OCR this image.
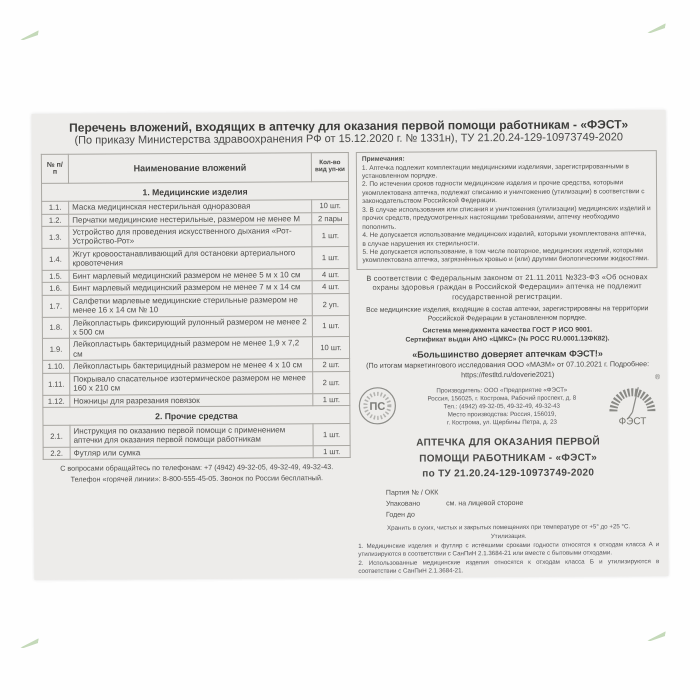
Перечень вложений, входящих в аптечку для оказания первой помощи работникам - «ФЭСТ»
(По приказу Министерства здравоохранения РФ от 15.12.2020 г. № 1331н), ТУ 21.20.24-129-10973749-2020
№ п/п	Наименование вложений	Кол-во вид уп-ки
1. Медицинские изделия		
1.1.	Маска медицинская нестерильная одноразовая	10 шт.
1.2.	Перчатки медицинские нестерильные, размером не менее М	2 пары
1.3.	Устройство для проведения искусственного дыхания «Рот-Устройство-Рот»	1 шт.
1.4.	Жгут кровоостанавливающий для остановки артериального кровотечения	1 шт.
1.5.	Бинт марлевый медицинский размером не менее 5 м х 10 см	4 шт.
1.6.	Бинт марлевый медицинский размером не менее 7 м х 14 см	4 шт.
1.7.	Салфетки марлевые медицинские стерильные размером не менее 16 х 14 см № 10	2 уп.
1.8.	Лейкопластырь фиксирующий рулонный размером не менее 2 х 500 см	1 шт.
1.9.	Лейкопластырь бактерицидный размером не менее 1,9 х 7,2 см	10 шт.
1.10.	Лейкопластырь бактерицидный размером не менее 4 х 10 см	2 шт.
1.11.	Покрывало спасательное изотермическое размером не менее 160 х 210 см	2 шт.
1.12.	Ножницы для разрезания повязок	1 шт.
2. Прочие средства		
2.1.	Инструкция по оказанию первой помощи с применением аптечки для оказания первой помощи работникам	1 шт.
2.2.	Футляр или сумка	1 шт.
С вопросами обращайтесь по телефонам: +7 (4942) 49-32-05, 49-32-49, 49-32-43.
Телефон «горячей линии»: 8-800-555-45-05. Звонок по России бесплатный.
Примечания:
1. Аптечка подлежит комплектации медицинскими изделиями, зарегистрированными в установленном порядке.
2. По истечении сроков годности медицинские изделия и прочие средства, которыми укомплектована аптечка, подлежат списанию и уничтожению (утилизации) в соответствии с законодательством Российской Федерации.
3. В случае использования или списания и уничтожения (утилизации) медицинских изделий и прочих средств, предусмотренных настоящими требованиями, аптечку необходимо пополнить.
4. Не допускается использование медицинских изделий, которыми укомплектована аптечка, в случае нарушения их стерильности.
5. Не допускается использование, в том числе повторное, медицинских изделий, которыми укомплектована аптечка, загрязнённых кровью и (или) другими биологическими жидкостями.
В соответствии с Федеральным законом от 21.11.2011 №323-ФЗ «Об основах охраны здоровья граждан в Российской Федерации» аптечка не подлежит государственной регистрации.
Все медицинские изделия, входящие в состав аптечки, зарегистрированы на территории Российской Федерации в установленном порядке.
Система менеджмента качества ГОСТ Р ИСО 9001.
Сертификат выдан АНО «ЦМКС» (№ РОСС RU.0001.13ФК82).
«Большинство доверяет аптечкам ФЭСТ!»
(По итогам маркетингового исследования ООО «МАЗМ» от 07.10.2021 г. Подробнее: https://festltd.ru/doverie2021)
ПС
Производитель: ООО «Предприятие «ФЭСТ»
Россия, 156025, г. Кострома, Рабочий проспект, д. 8
Тел.: (4942) 49-32-05, 49-32-49, 49-32-43
Место производства: Россия, 156019,
г. Кострома, ул. Щербины Петра, д. 23
®
ФЭСТ
АПТЕЧКА ДЛЯ ОКАЗАНИЯ ПЕРВОЙ
ПОМОЩИ РАБОТНИКАМ - «ФЭСТ»
по ТУ 21.20.24-129-10973749-2020
Партия № / ОКК
Упаковано	см. на лицевой стороне
Годен до
Хранить в сухих, чистых и закрытых помещениях при температуре от +5° до +25 °C.
Утилизация.
1. Медицинские изделия и футляр с истёкшими сроками годности относятся к отходам класса А и утилизируются в соответствии с СанПиН 2.1.3684-21 или вместе с бытовыми отходами.
2. Использованные медицинские изделия относятся к отходам класса Б и утилизируются в соответствии с СанПиН 2.1.3684-21.
